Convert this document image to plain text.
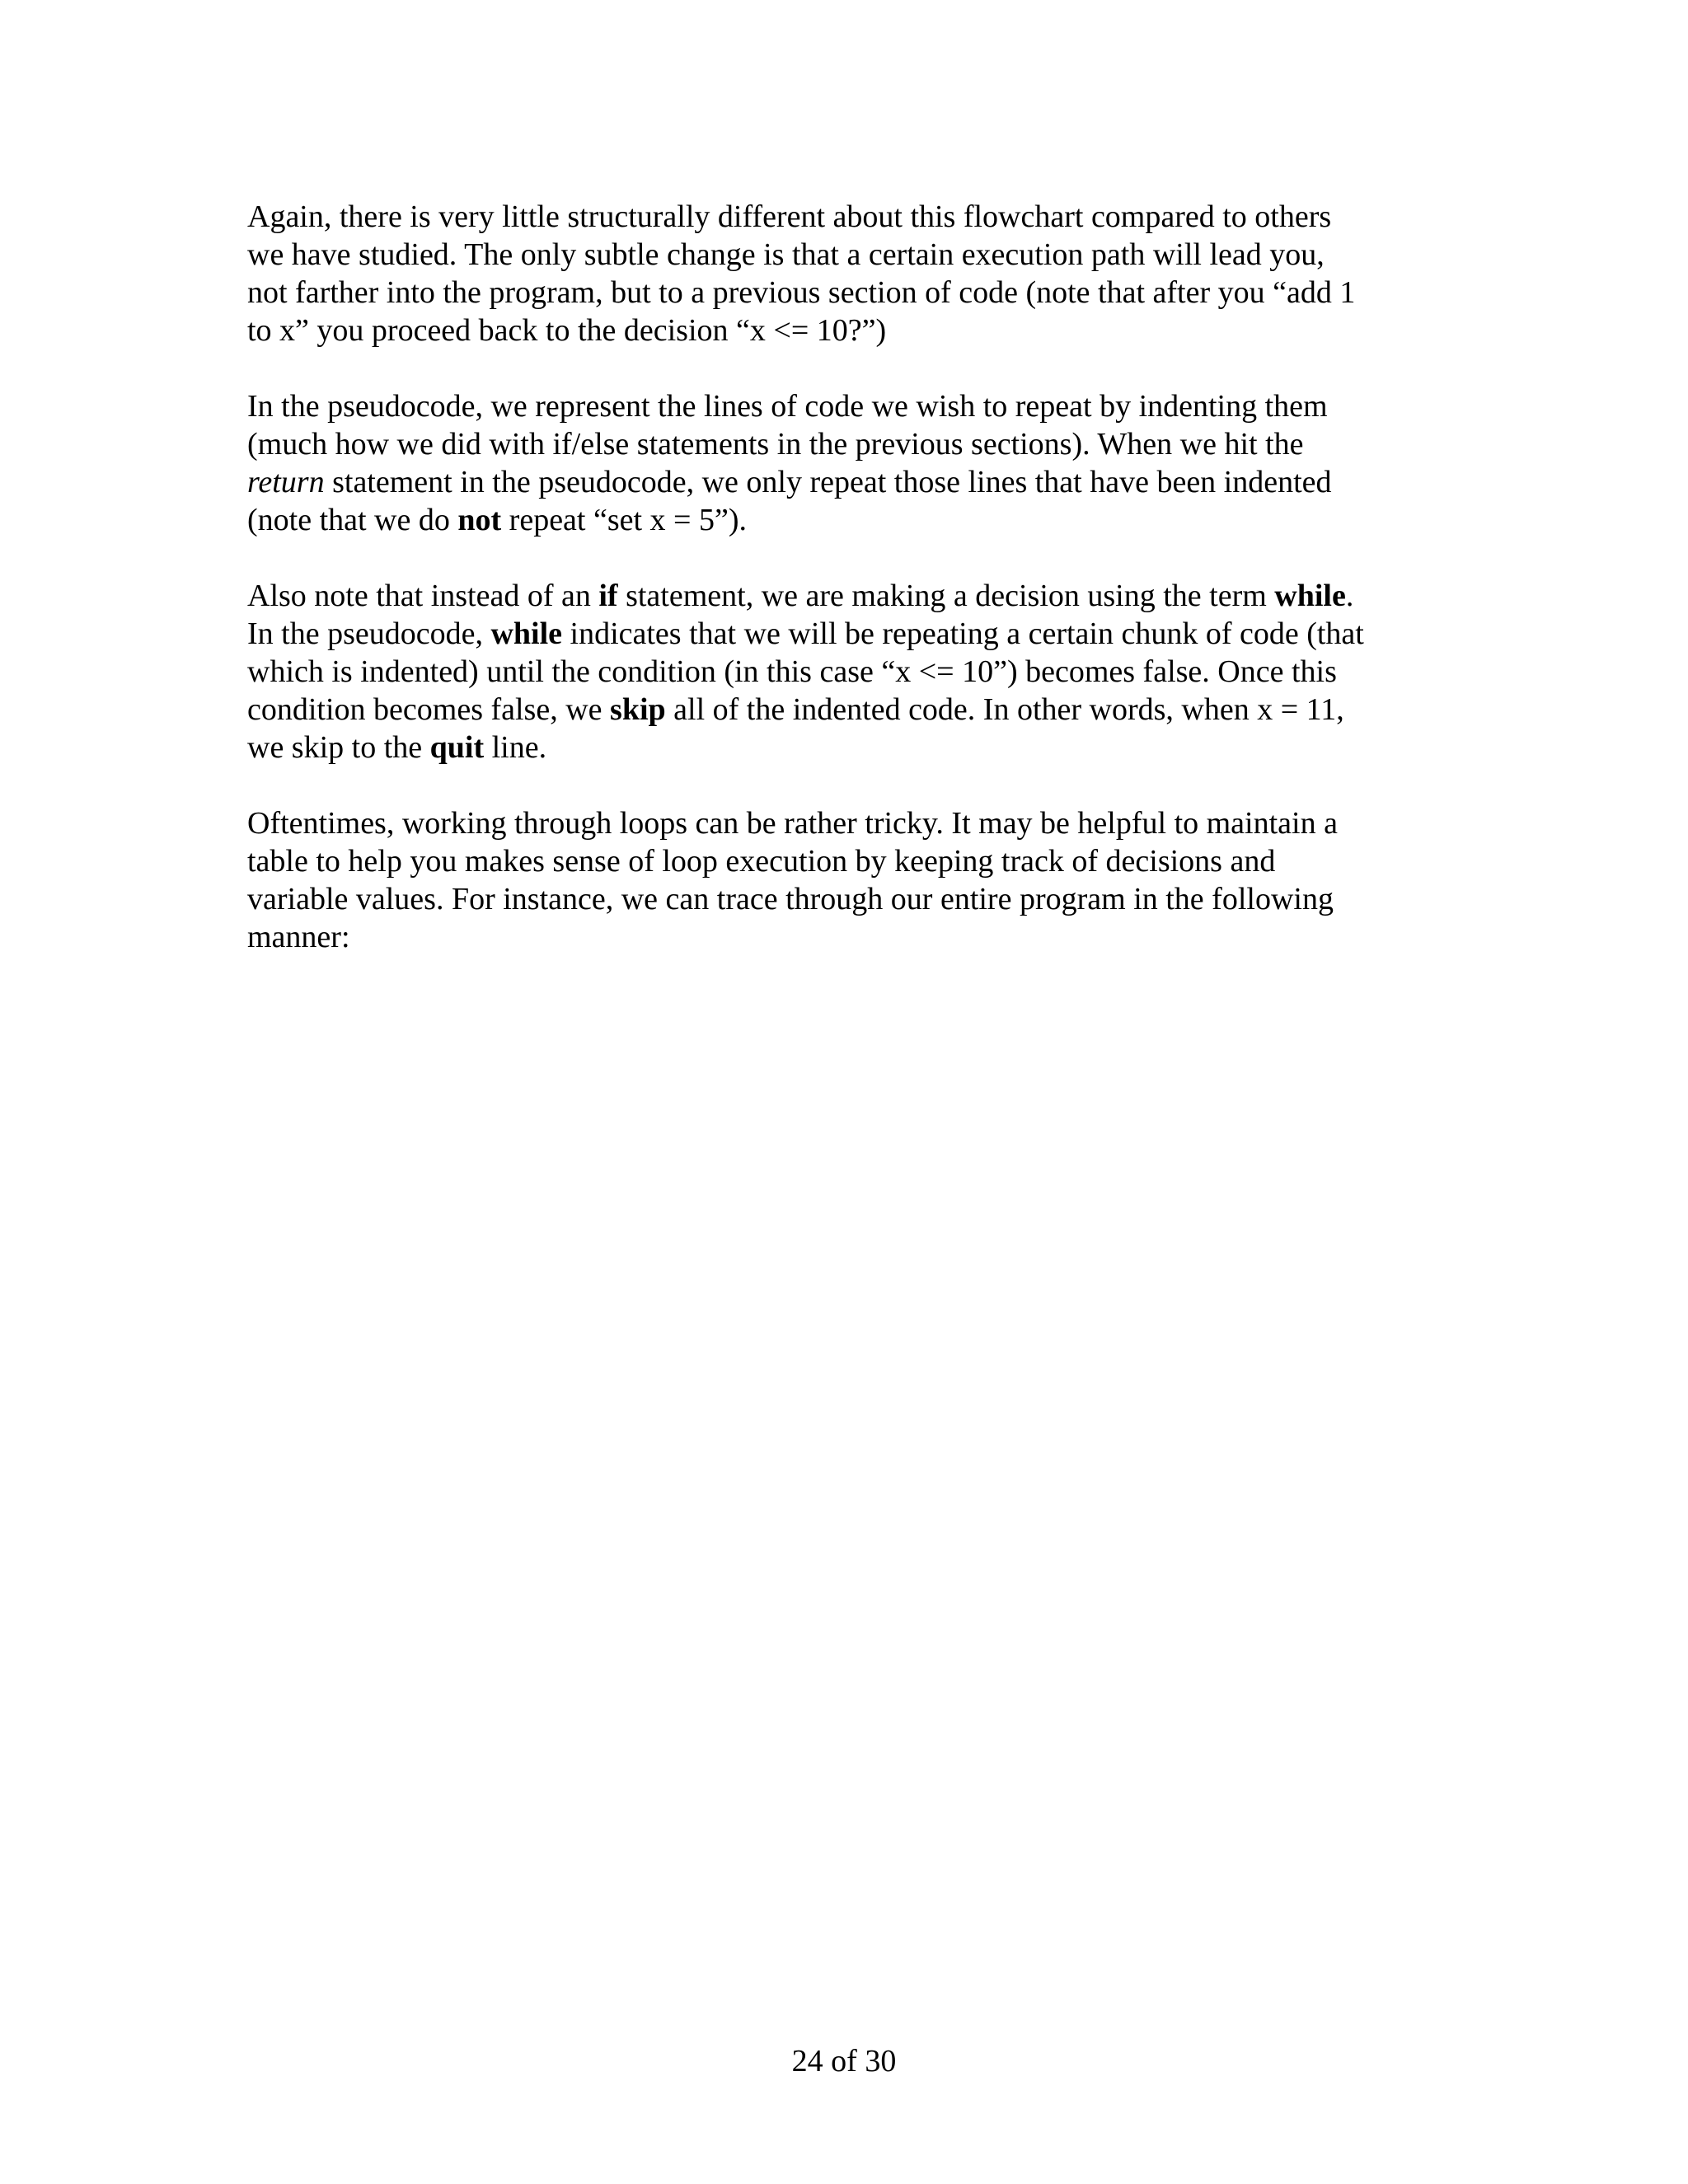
Again, there is very little structurally different about this flowchart compared to others
we have studied. The only subtle change is that a certain execution path will lead you,
not farther into the program, but to a previous section of code (note that after you “add 1
to x” you proceed back to the decision “x <= 10?”)

In the pseudocode, we represent the lines of code we wish to repeat by indenting them
(much how we did with if/else statements in the previous sections). When we hit the
return statement in the pseudocode, we only repeat those lines that have been indented
(note that we do not repeat “set x = 5”).

Also note that instead of an if statement, we are making a decision using the term while.
In the pseudocode, while indicates that we will be repeating a certain chunk of code (that
which is indented) until the condition (in this case “x <= 10”) becomes false. Once this
condition becomes false, we skip all of the indented code. In other words, when x = 11,
we skip to the quit line.

Oftentimes, working through loops can be rather tricky. It may be helpful to maintain a
table to help you makes sense of loop execution by keeping track of decisions and
variable values. For instance, we can trace through our entire program in the following
manner:

24 of 30
